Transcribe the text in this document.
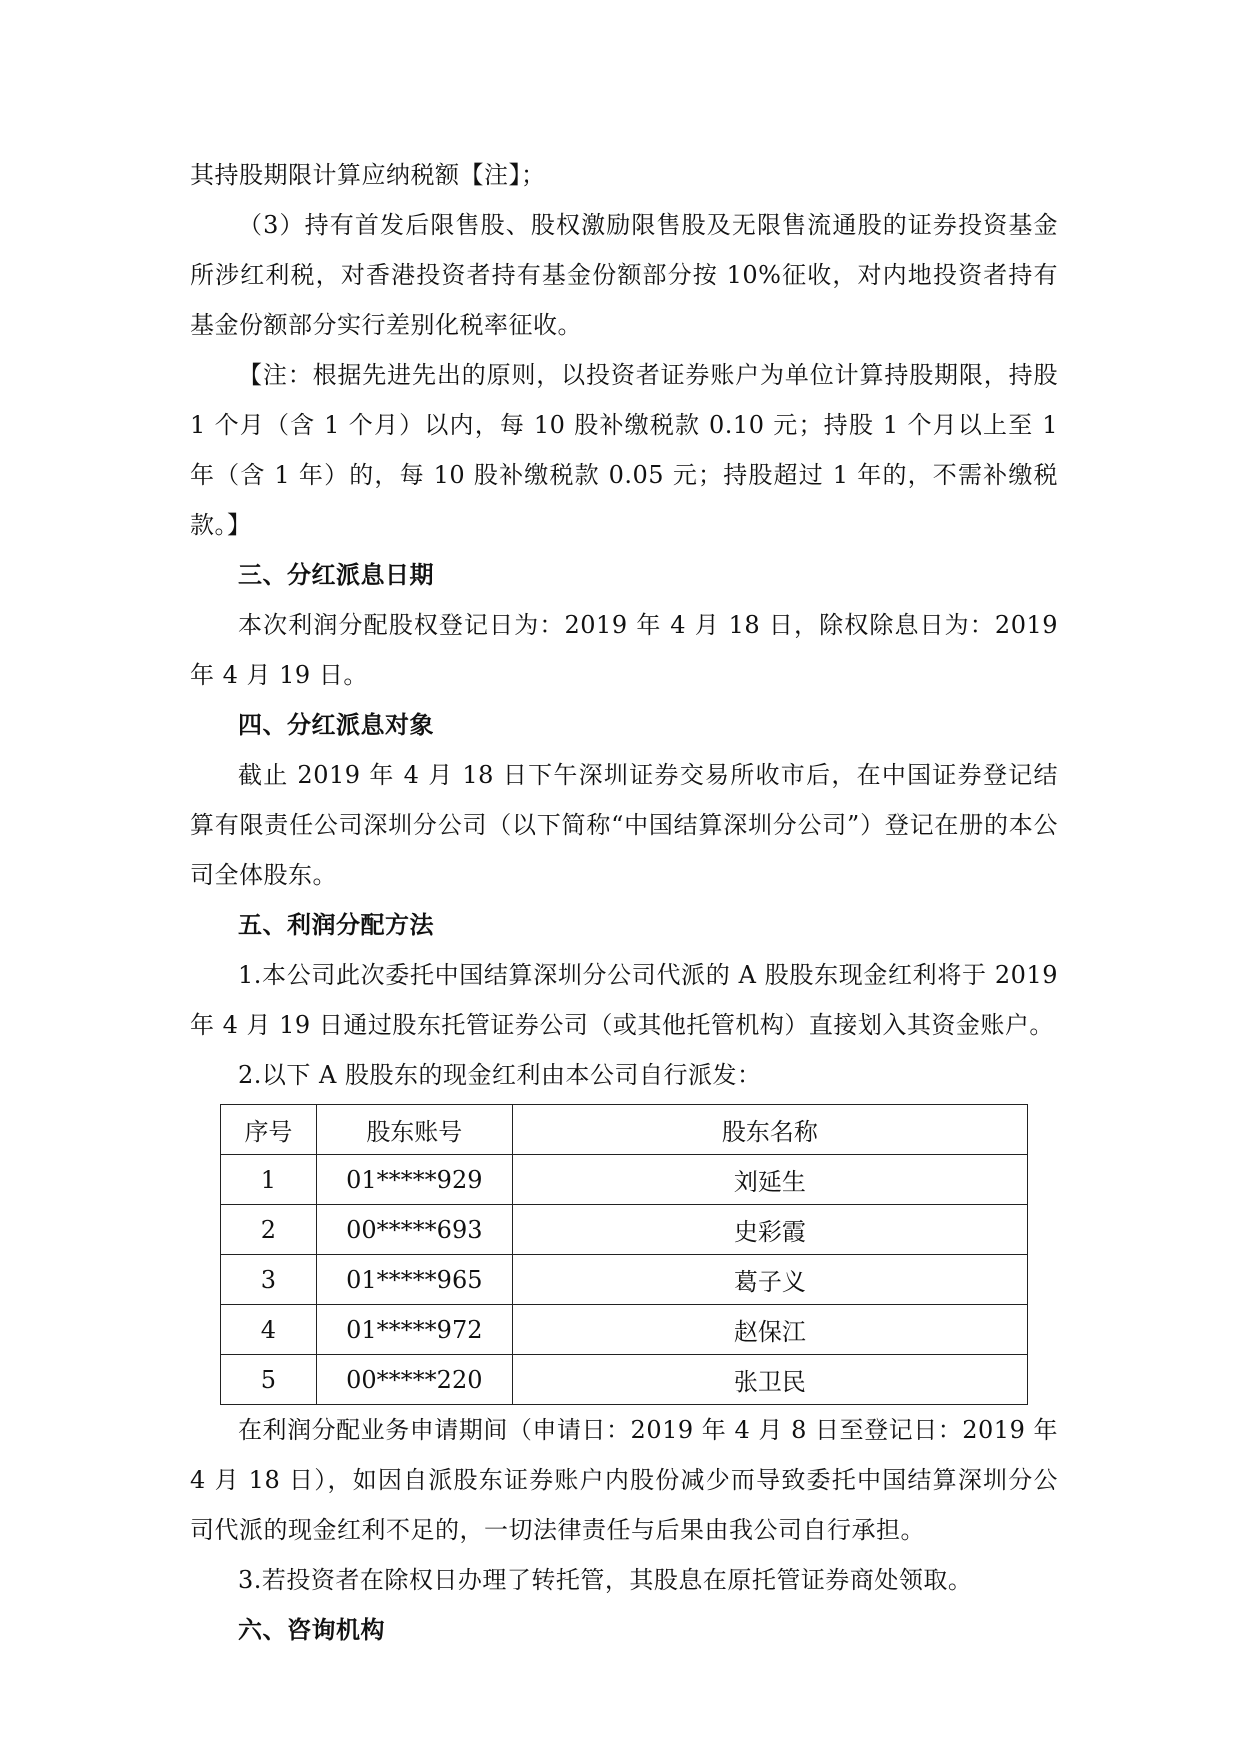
其持股期限计算应纳税额【注】；

（3）持有首发后限售股、股权激励限售股及无限售流通股的证券投资基金所涉红利税，对香港投资者持有基金份额部分按 10%征收，对内地投资者持有基金份额部分实行差别化税率征收。

【注：根据先进先出的原则，以投资者证券账户为单位计算持股期限，持股 1 个月（含 1 个月）以内，每 10 股补缴税款 0.10 元；持股 1 个月以上至 1 年（含 1 年）的，每 10 股补缴税款 0.05 元；持股超过 1 年的，不需补缴税款。】

三、分红派息日期

本次利润分配股权登记日为：2019 年 4 月 18 日，除权除息日为：2019 年 4 月 19 日。

四、分红派息对象

截止 2019 年 4 月 18 日下午深圳证券交易所收市后，在中国证券登记结算有限责任公司深圳分公司（以下简称“中国结算深圳分公司”）登记在册的本公司全体股东。

五、利润分配方法

1.本公司此次委托中国结算深圳分公司代派的 A 股股东现金红利将于 2019 年 4 月 19 日通过股东托管证券公司（或其他托管机构）直接划入其资金账户。

2.以下 A 股股东的现金红利由本公司自行派发：

序号	股东账号	股东名称
1	01*****929	刘延生
2	00*****693	史彩霞
3	01*****965	葛子义
4	01*****972	赵保江
5	00*****220	张卫民

在利润分配业务申请期间（申请日：2019 年 4 月 8 日至登记日：2019 年 4 月 18 日），如因自派股东证券账户内股份减少而导致委托中国结算深圳分公司代派的现金红利不足的，一切法律责任与后果由我公司自行承担。

3.若投资者在除权日办理了转托管，其股息在原托管证券商处领取。

六、咨询机构
